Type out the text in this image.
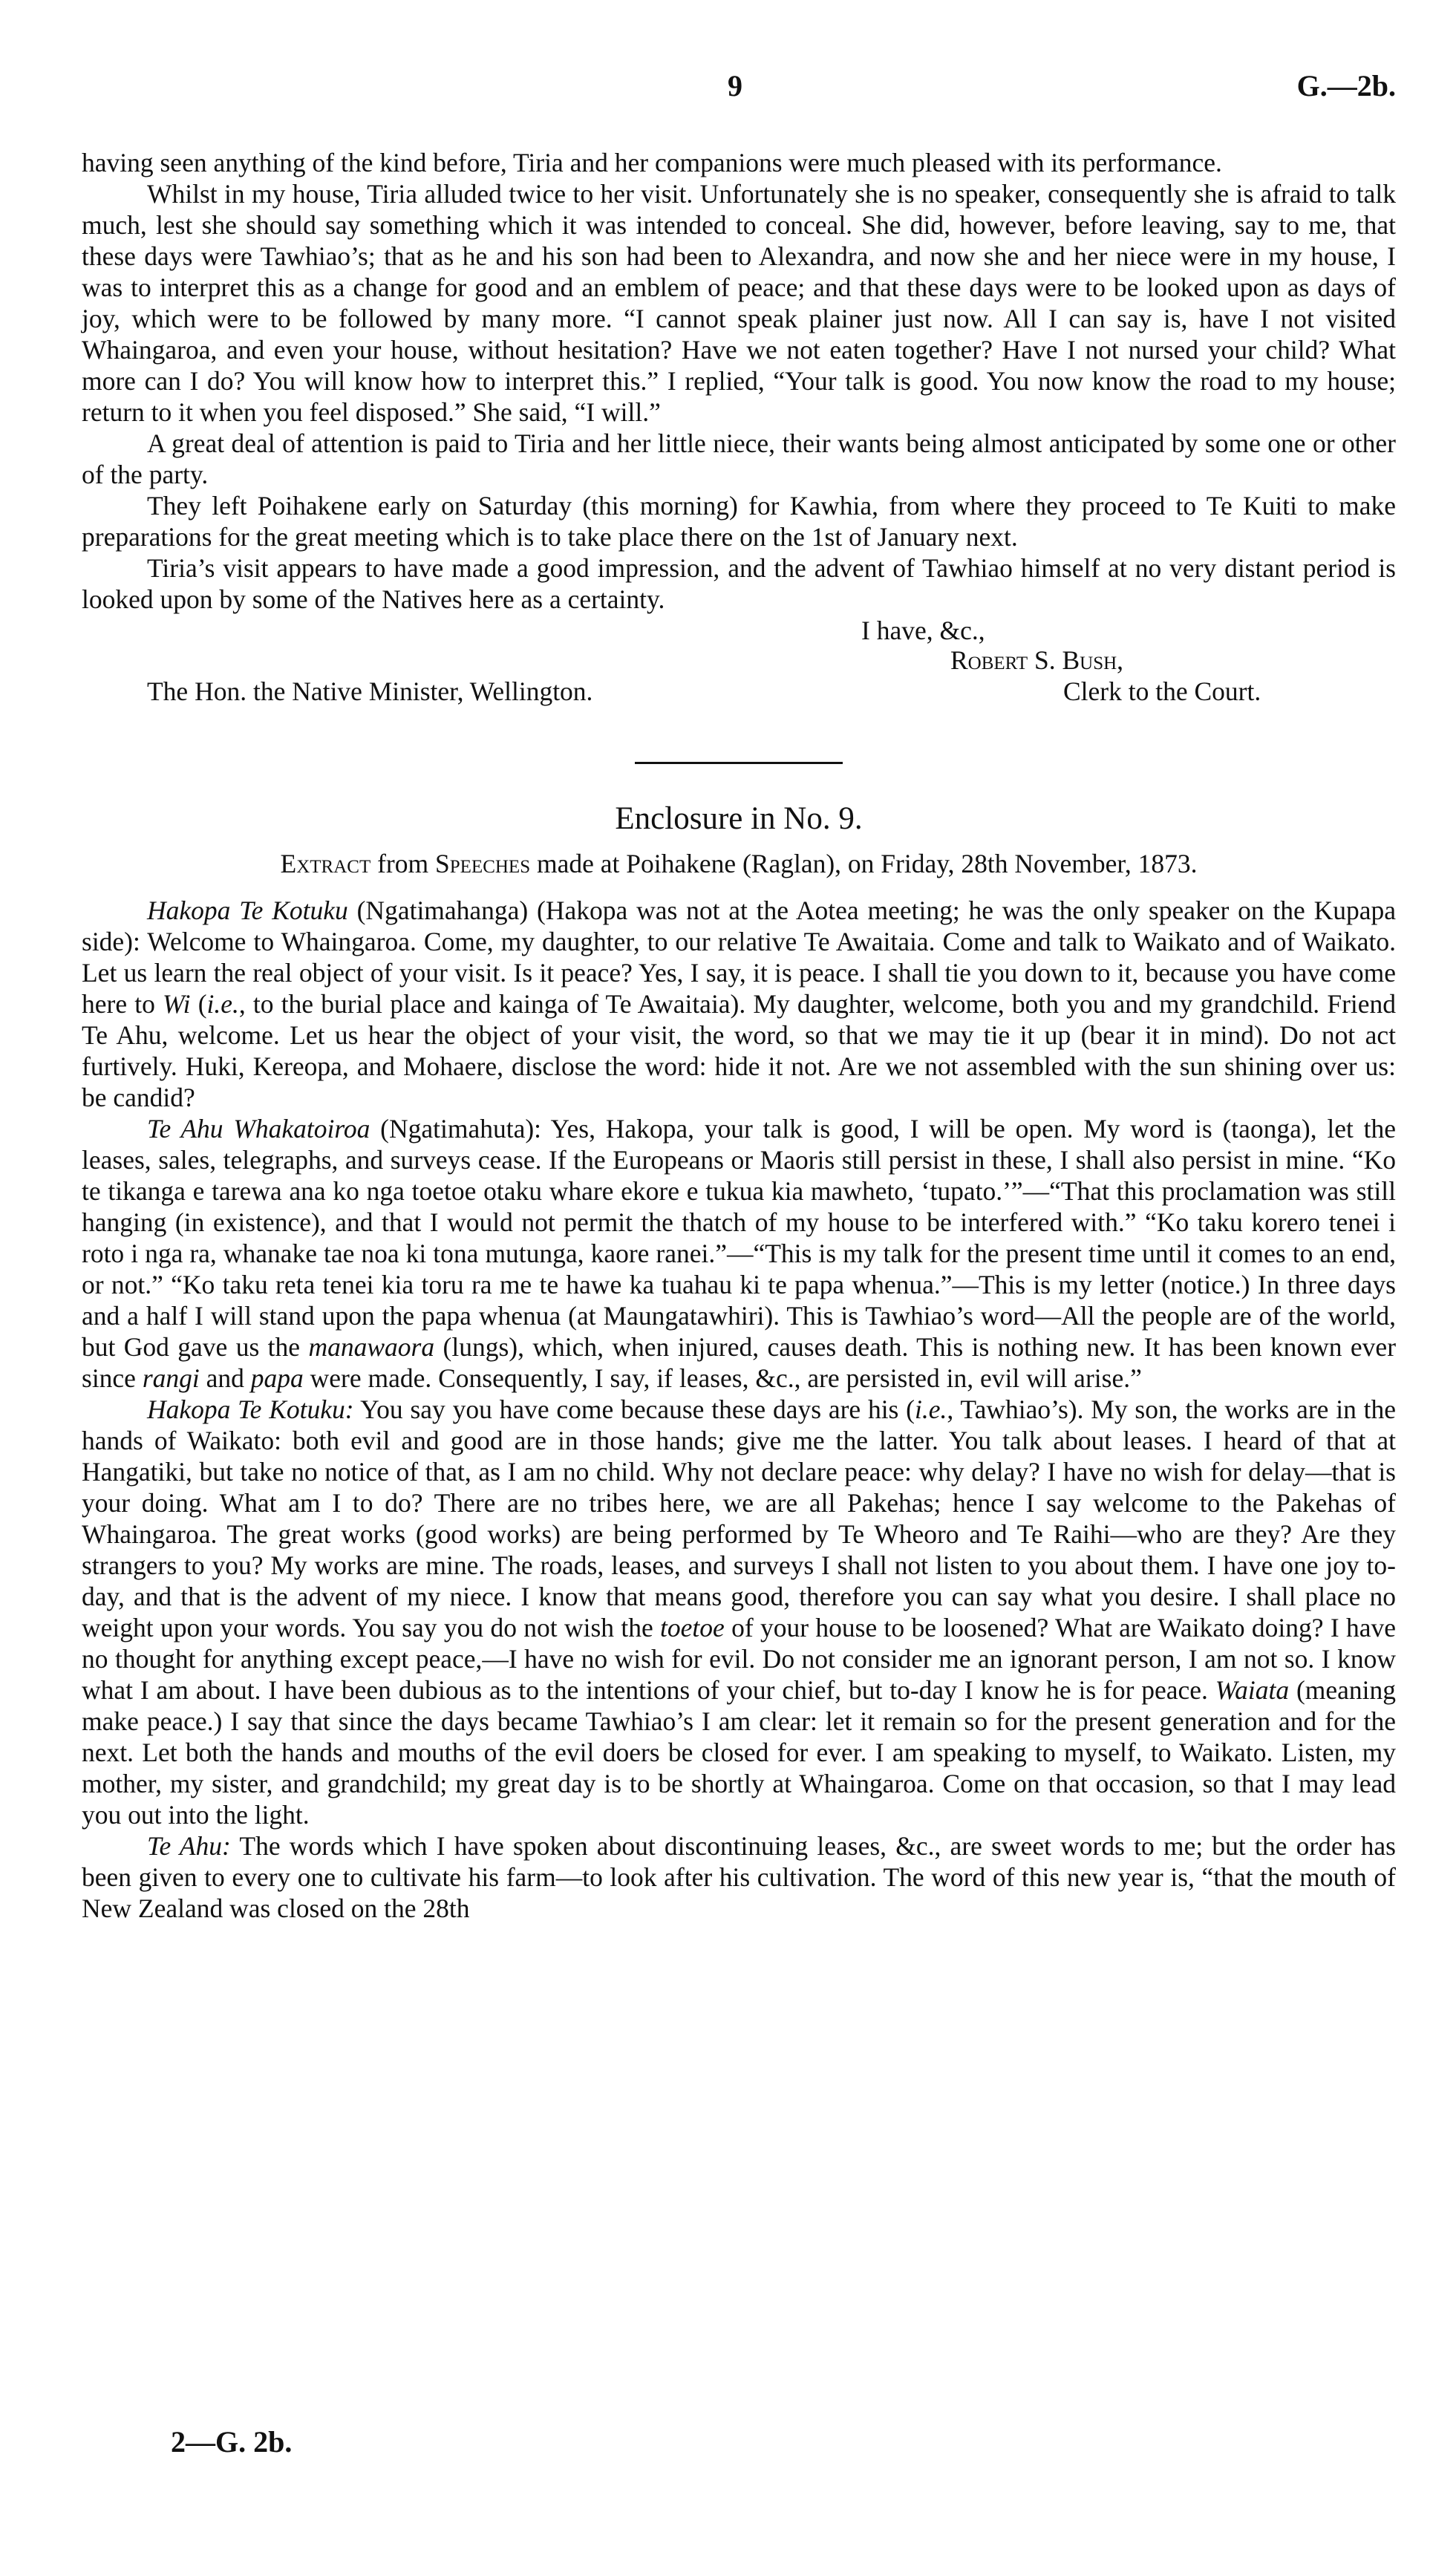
9	G.—2b.

having seen anything of the kind before, Tiria and her companions were much pleased with its performance.

Whilst in my house, Tiria alluded twice to her visit. Unfortunately she is no speaker, consequently she is afraid to talk much, lest she should say something which it was intended to conceal. She did, however, before leaving, say to me, that these days were Tawhiao’s; that as he and his son had been to Alexandra, and now she and her niece were in my house, I was to interpret this as a change for good and an emblem of peace; and that these days were to be looked upon as days of joy, which were to be followed by many more. “I cannot speak plainer just now. All I can say is, have I not visited Whaingaroa, and even your house, without hesitation? Have we not eaten together? Have I not nursed your child? What more can I do? You will know how to interpret this.” I replied, “Your talk is good. You now know the road to my house; return to it when you feel disposed.” She said, “I will.”

A great deal of attention is paid to Tiria and her little niece, their wants being almost anticipated by some one or other of the party.

They left Poihakene early on Saturday (this morning) for Kawhia, from where they proceed to Te Kuiti to make preparations for the great meeting which is to take place there on the 1st of January next.

Tiria’s visit appears to have made a good impression, and the advent of Tawhiao himself at no very distant period is looked upon by some of the Natives here as a certainty.

I have, &c.,
Robert S. Bush,
The Hon. the Native Minister, Wellington.	Clerk to the Court.
Enclosure in No. 9.
Extract from Speeches made at Poihakene (Raglan), on Friday, 28th November, 1873.

Hakopa Te Kotuku (Ngatimahanga) (Hakopa was not at the Aotea meeting; he was the only speaker on the Kupapa side): Welcome to Whaingaroa. Come, my daughter, to our relative Te Awaitaia. Come and talk to Waikato and of Waikato. Let us learn the real object of your visit. Is it peace? Yes, I say, it is peace. I shall tie you down to it, because you have come here to Wi (i.e., to the burial place and kainga of Te Awaitaia). My daughter, welcome, both you and my grandchild. Friend Te Ahu, welcome. Let us hear the object of your visit, the word, so that we may tie it up (bear it in mind). Do not act furtively. Huki, Kereopa, and Mohaere, disclose the word: hide it not. Are we not assembled with the sun shining over us: be candid?

Te Ahu Whakatoiroa (Ngatimahuta): Yes, Hakopa, your talk is good, I will be open. My word is (taonga), let the leases, sales, telegraphs, and surveys cease. If the Europeans or Maoris still persist in these, I shall also persist in mine. “Ko te tikanga e tarewa ana ko nga toetoe otaku whare ekore e tukua kia mawheto, ‘tupato.’”—“That this proclamation was still hanging (in existence), and that I would not permit the thatch of my house to be interfered with.” “Ko taku korero tenei i roto i nga ra, whanake tae noa ki tona mutunga, kaore ranei.”—“This is my talk for the present time until it comes to an end, or not.” “Ko taku reta tenei kia toru ra me te hawe ka tuahau ki te papa whenua.”—This is my letter (notice.) In three days and a half I will stand upon the papa whenua (at Maungatawhiri). This is Tawhiao’s word—All the people are of the world, but God gave us the manawaora (lungs), which, when injured, causes death. This is nothing new. It has been known ever since rangi and papa were made. Consequently, I say, if leases, &c., are persisted in, evil will arise.”

Hakopa Te Kotuku: You say you have come because these days are his (i.e., Tawhiao’s). My son, the works are in the hands of Waikato: both evil and good are in those hands; give me the latter. You talk about leases. I heard of that at Hangatiki, but take no notice of that, as I am no child. Why not declare peace: why delay? I have no wish for delay—that is your doing. What am I to do? There are no tribes here, we are all Pakehas; hence I say welcome to the Pakehas of Whaingaroa. The great works (good works) are being performed by Te Wheoro and Te Raihi—who are they? Are they strangers to you? My works are mine. The roads, leases, and surveys I shall not listen to you about them. I have one joy to-day, and that is the advent of my niece. I know that means good, therefore you can say what you desire. I shall place no weight upon your words. You say you do not wish the toetoe of your house to be loosened? What are Waikato doing? I have no thought for anything except peace,—I have no wish for evil. Do not consider me an ignorant person, I am not so. I know what I am about. I have been dubious as to the intentions of your chief, but to-day I know he is for peace. Waiata (meaning make peace.) I say that since the days became Tawhiao’s I am clear: let it remain so for the present generation and for the next. Let both the hands and mouths of the evil doers be closed for ever. I am speaking to myself, to Waikato. Listen, my mother, my sister, and grandchild; my great day is to be shortly at Whaingaroa. Come on that occasion, so that I may lead you out into the light.

Te Ahu: The words which I have spoken about discontinuing leases, &c., are sweet words to me; but the order has been given to every one to cultivate his farm—to look after his cultivation. The word of this new year is, “that the mouth of New Zealand was closed on the 28th

2—G. 2b.
